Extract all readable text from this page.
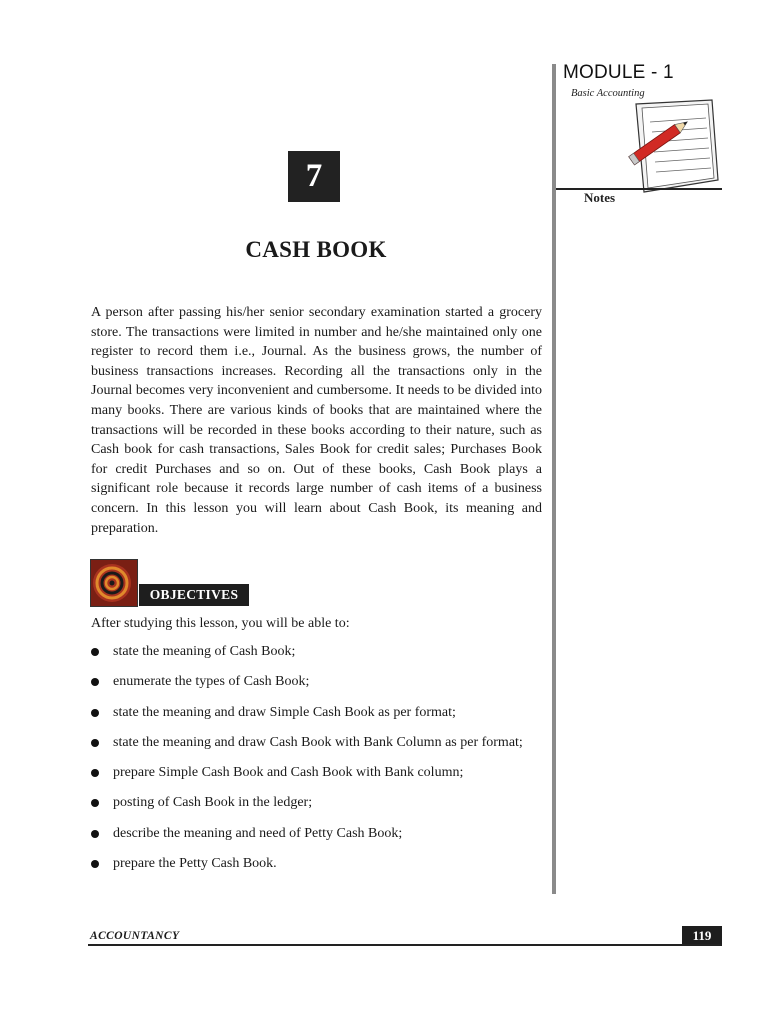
MODULE - 1
Basic Accounting
Notes
7
CASH BOOK

A person after passing his/her senior secondary examination started a grocery store. The transactions were limited in number and he/she maintained only one register to record them i.e., Journal. As the business grows, the number of business transactions increases. Recording all the transactions only in the Journal becomes very inconvenient and cumbersome. It needs to be divided into many books. There are various kinds of books that are maintained where the transactions will be recorded in these books according to their nature, such as Cash book for cash transactions, Sales Book for credit sales; Purchases Book for credit Purchases and so on. Out of these books, Cash Book plays a significant role because it records large number of cash items of a business concern. In this lesson you will learn about Cash Book, its meaning and preparation.

OBJECTIVES

After studying this lesson, you will be able to:

state the meaning of Cash Book;
enumerate the types of Cash Book;
state the meaning and draw Simple Cash Book as per format;
state the meaning and draw Cash Book with Bank Column as per format;
prepare Simple Cash Book and Cash Book with Bank column;
posting of Cash Book in the ledger;
describe the meaning and need of Petty Cash Book;
prepare the Petty Cash Book.
ACCOUNTANCY	119
